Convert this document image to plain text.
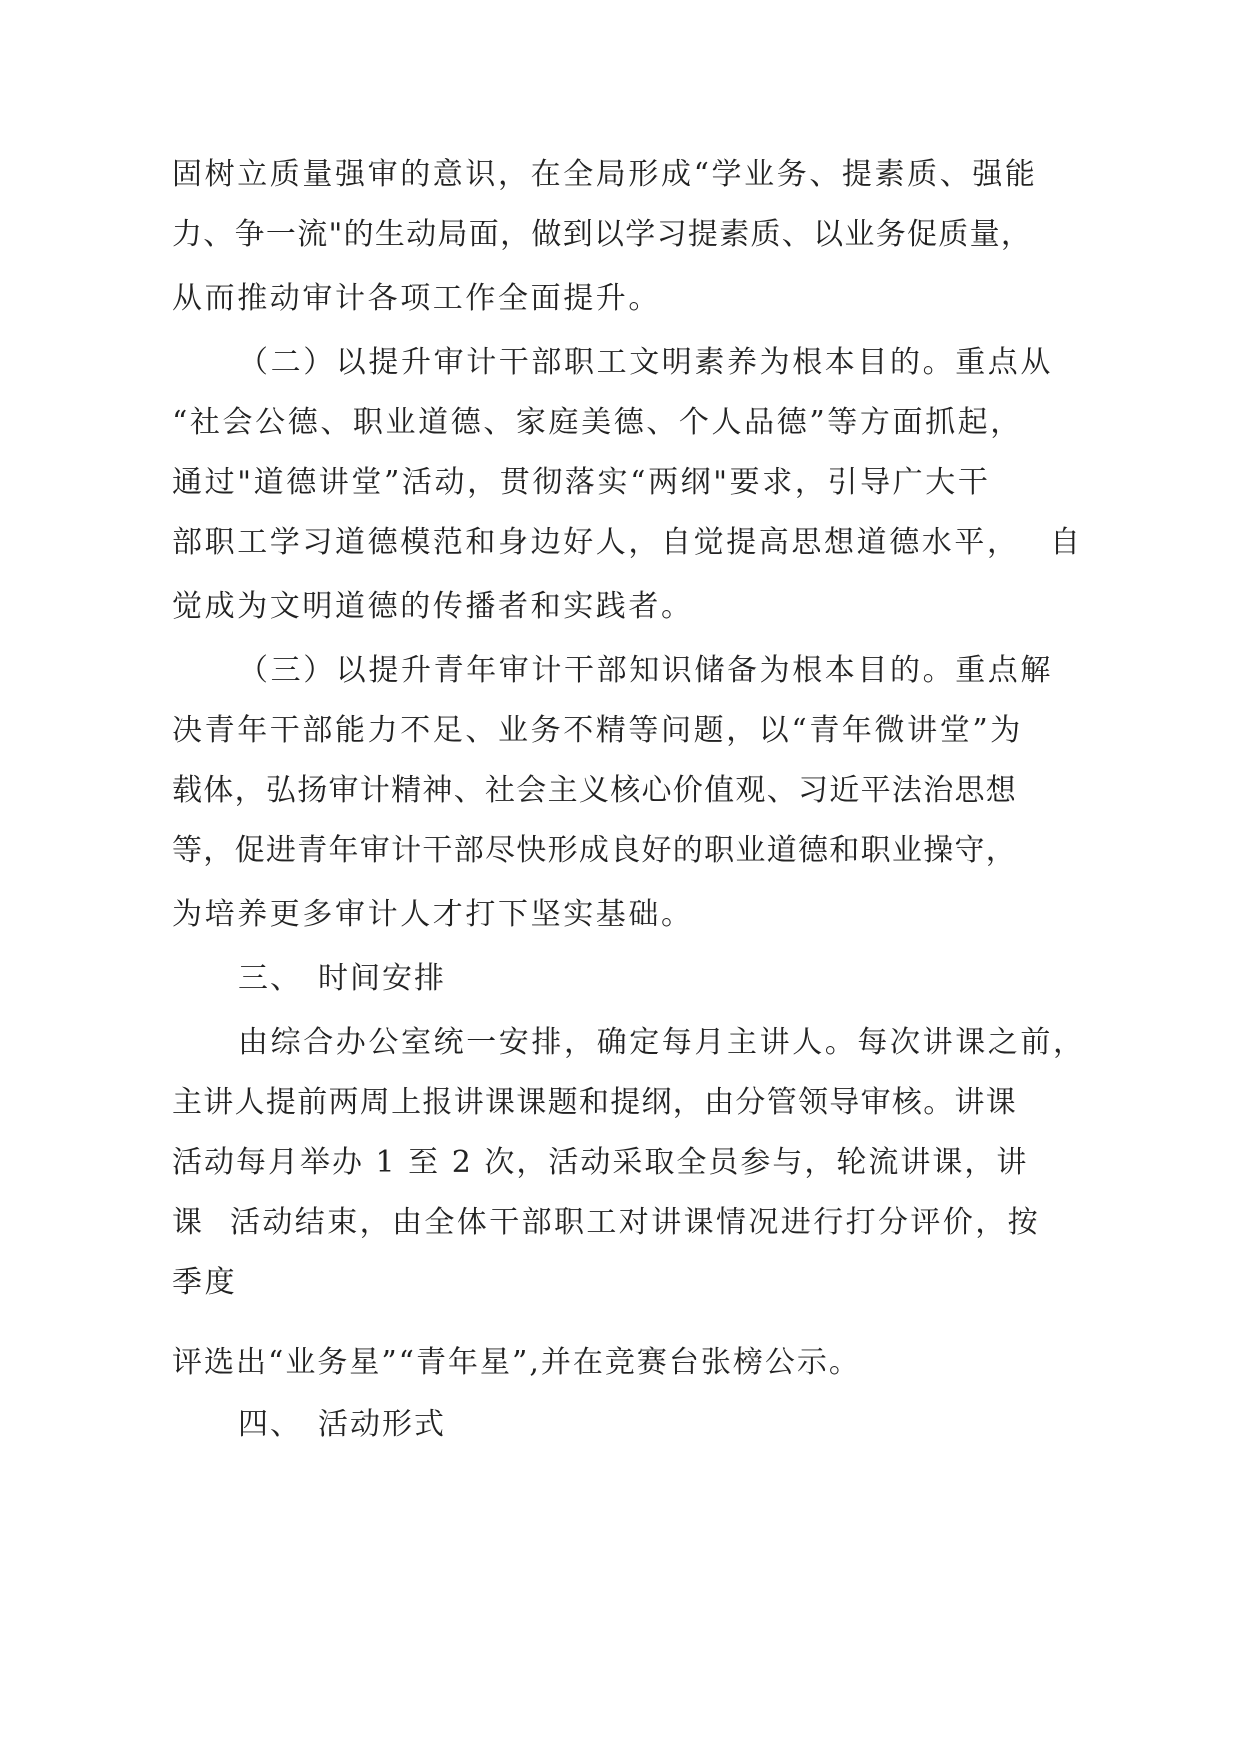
固树立质量强审的意识，在全局形成“学业务、提素质、强能
力、争一流"的生动局面，做到以学习提素质、以业务促质量，
从而推动审计各项工作全面提升。
（二）以提升审计干部职工文明素养为根本目的。重点从
“社会公德、职业道德、家庭美德、个人品德”等方面抓起，
通过"道德讲堂”活动，贯彻落实“两纲"要求，引导广大干
部职工学习道德模范和身边好人，自觉提高思想道德水平， 自
觉成为文明道德的传播者和实践者。
（三）以提升青年审计干部知识储备为根本目的。重点解
决青年干部能力不足、业务不精等问题，以“青年微讲堂”为
载体，弘扬审计精神、社会主义核心价值观、习近平法治思想
等，促进青年审计干部尽快形成良好的职业道德和职业操守，
为培养更多审计人才打下坚实基础。
三、 时间安排
由综合办公室统一安排，确定每月主讲人。每次讲课之前，
主讲人提前两周上报讲课课题和提纲，由分管领导审核。讲课
活动每月举办 1 至 2 次，活动采取全员参与，轮流讲课，讲
课 活动结束，由全体干部职工对讲课情况进行打分评价，按
季度
评选出“业务星”“青年星”,并在竞赛台张榜公示。
四、 活动形式
